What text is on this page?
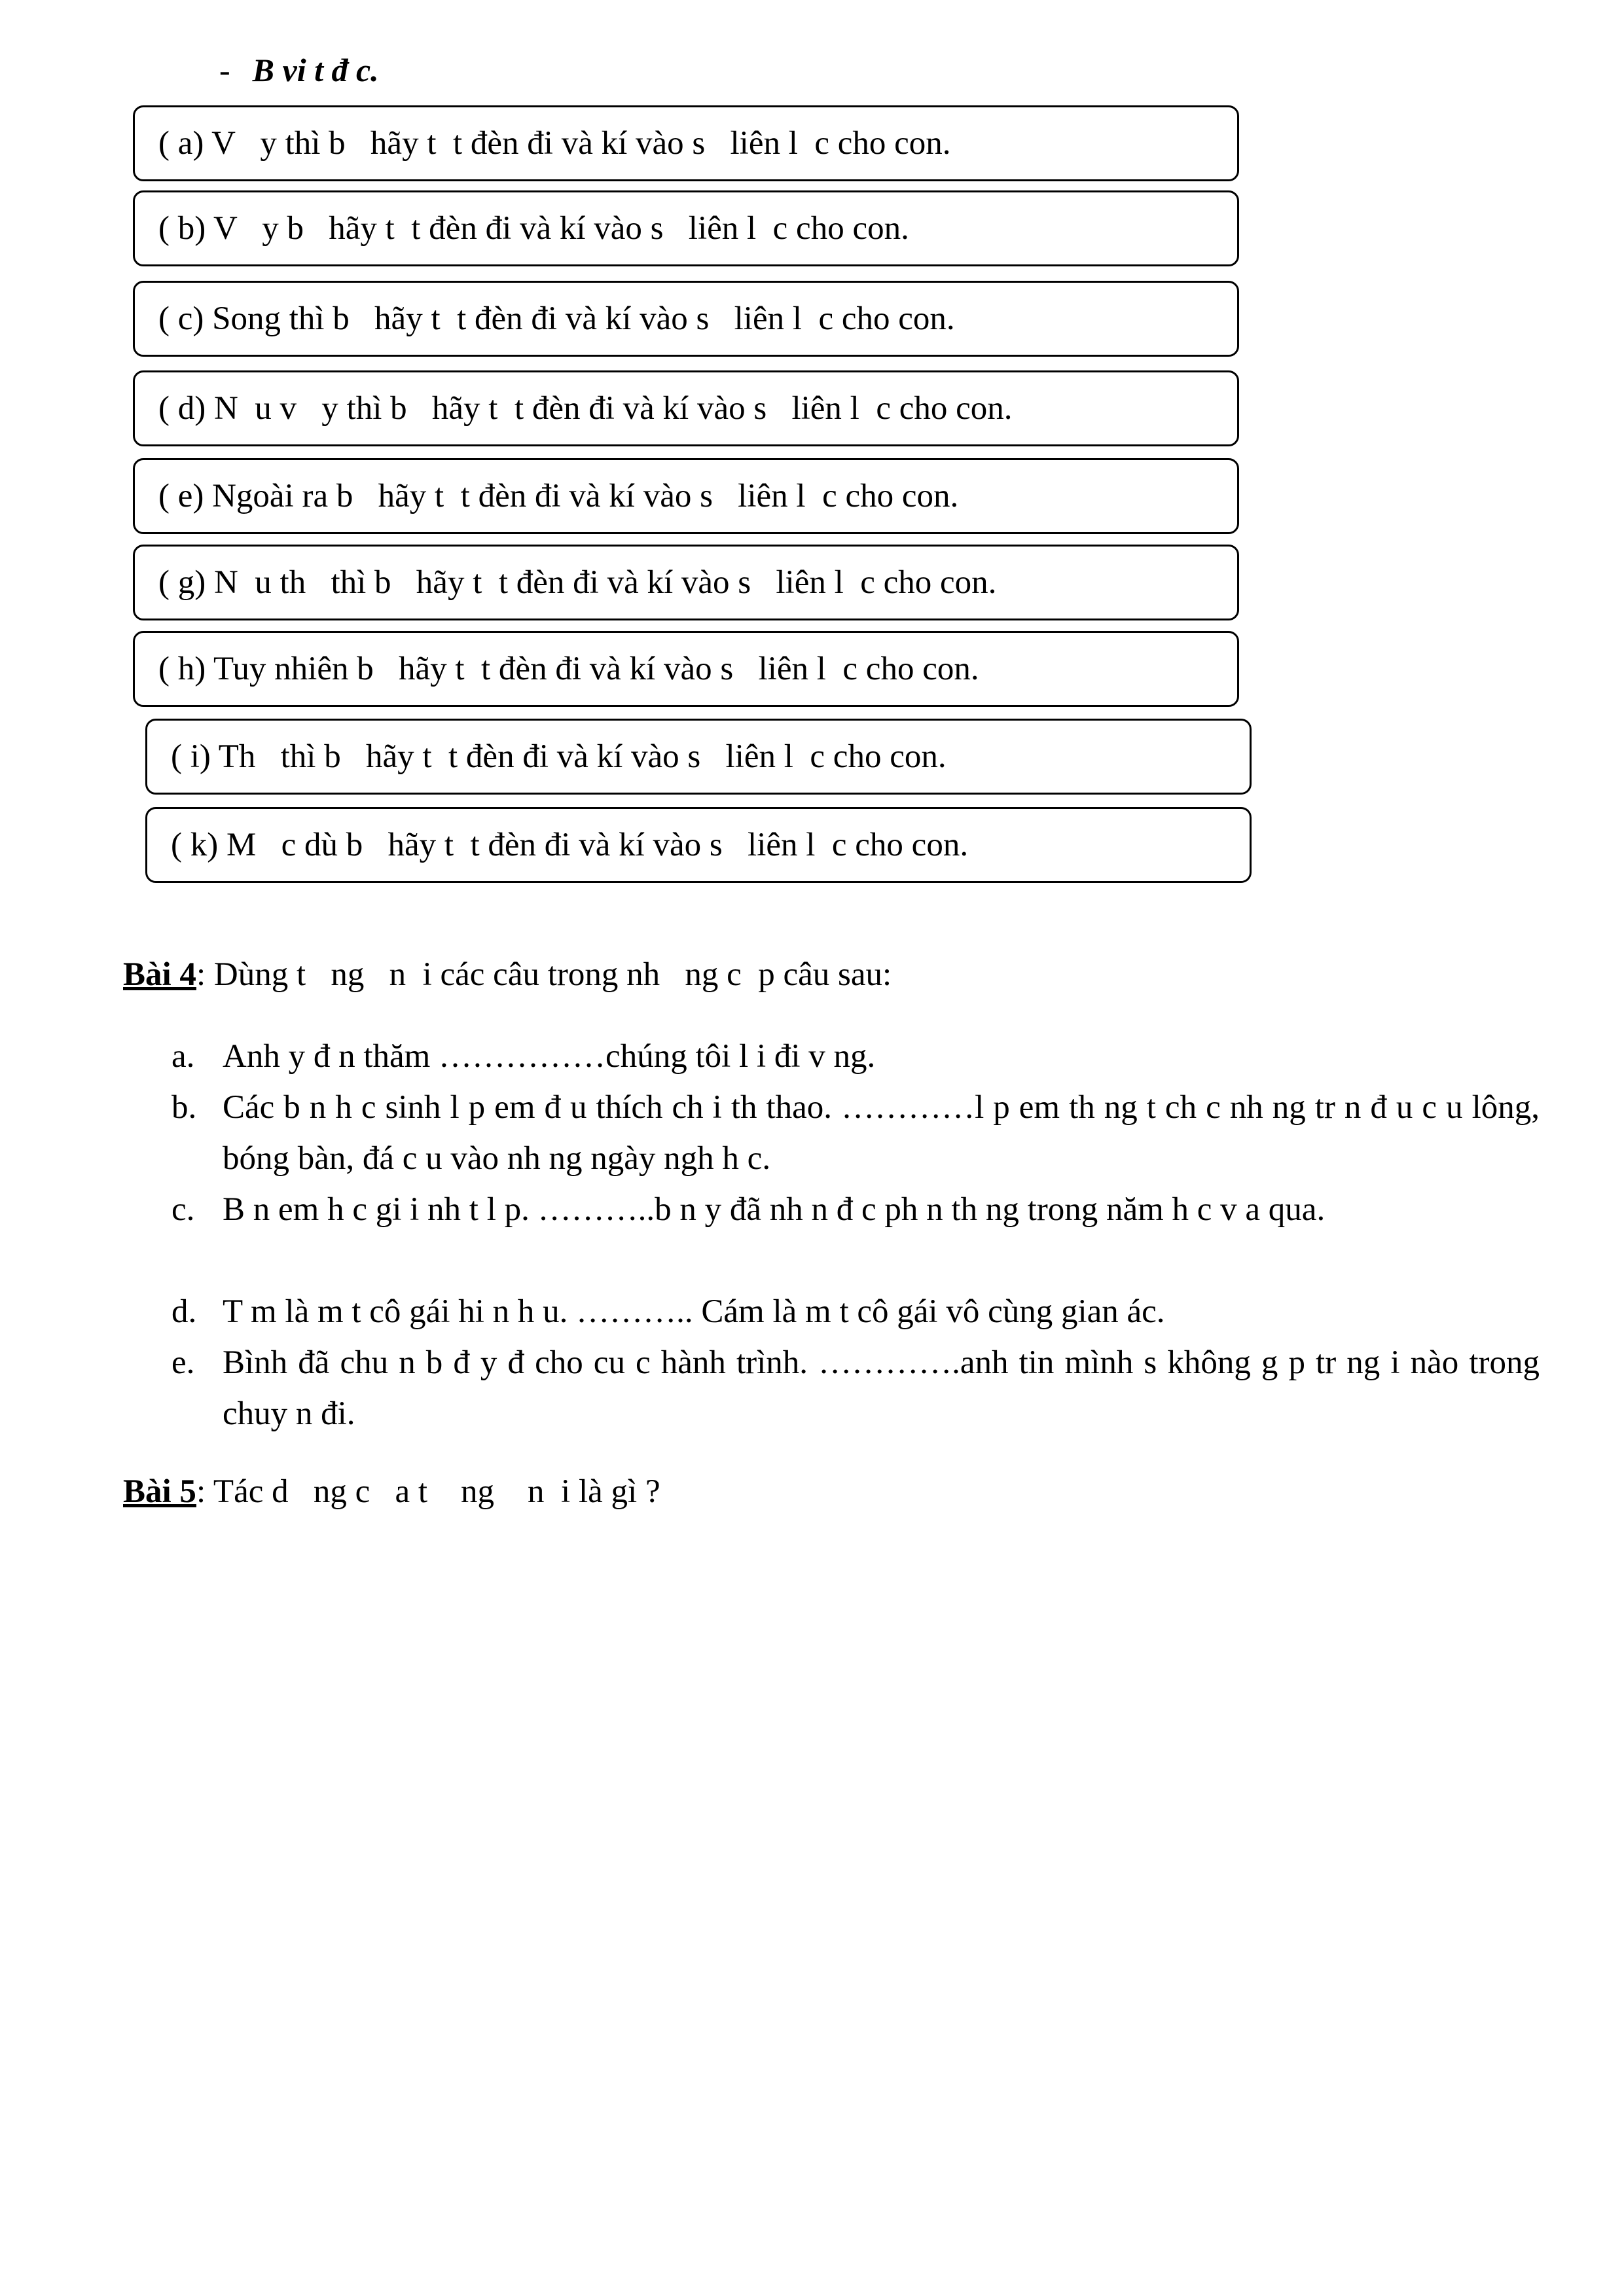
- B vi t đ c.
( a) V   y thì b   hãy t  t đèn đi và kí vào s   liên l  c cho con.
( b) V   y b   hãy t  t đèn đi và kí vào s   liên l  c cho con.
( c) Song thì b   hãy t  t đèn đi và kí vào s   liên l  c cho con.
( d) N  u v   y thì b   hãy t  t đèn đi và kí vào s   liên l  c cho con.
( e) Ngoài ra b   hãy t  t đèn đi và kí vào s   liên l  c cho con.
( g) N  u th   thì b   hãy t  t đèn đi và kí vào s   liên l  c cho con.
( h) Tuy nhiên b   hãy t  t đèn đi và kí vào s   liên l  c cho con.
( i) Th   thì b   hãy t  t đèn đi và kí vào s   liên l  c cho con.
( k) M   c dù b   hãy t  t đèn đi và kí vào s   liên l  c cho con.
Bài 4: Dùng t   ng   n  i các câu trong nh   ng c  p câu sau:
a. Anh y đ n thăm ……………chúng tôi l i đi v ng.
b. Các b n h c sinh l p em đ u thích ch i th thao. …………l p em th ng t ch c nh ng tr n đ u c u lông, bóng bàn, đá c u vào nh ng ngày ngh h c.
c. B n em h c gi i nh t l p. ………..b n y đã nh n đ c ph n th ng trong năm h c v a qua.
d. T m là m t cô gái hi n h u. ……….. Cám là m t cô gái vô cùng gian ác.
e. Bình đã chu n b đ y đ cho cu c hành trình. ………….anh tin mình s không g p tr ng i nào trong chuy n đi.
Bài 5: Tác d   ng c   a t    ng    n  i là gì ?
